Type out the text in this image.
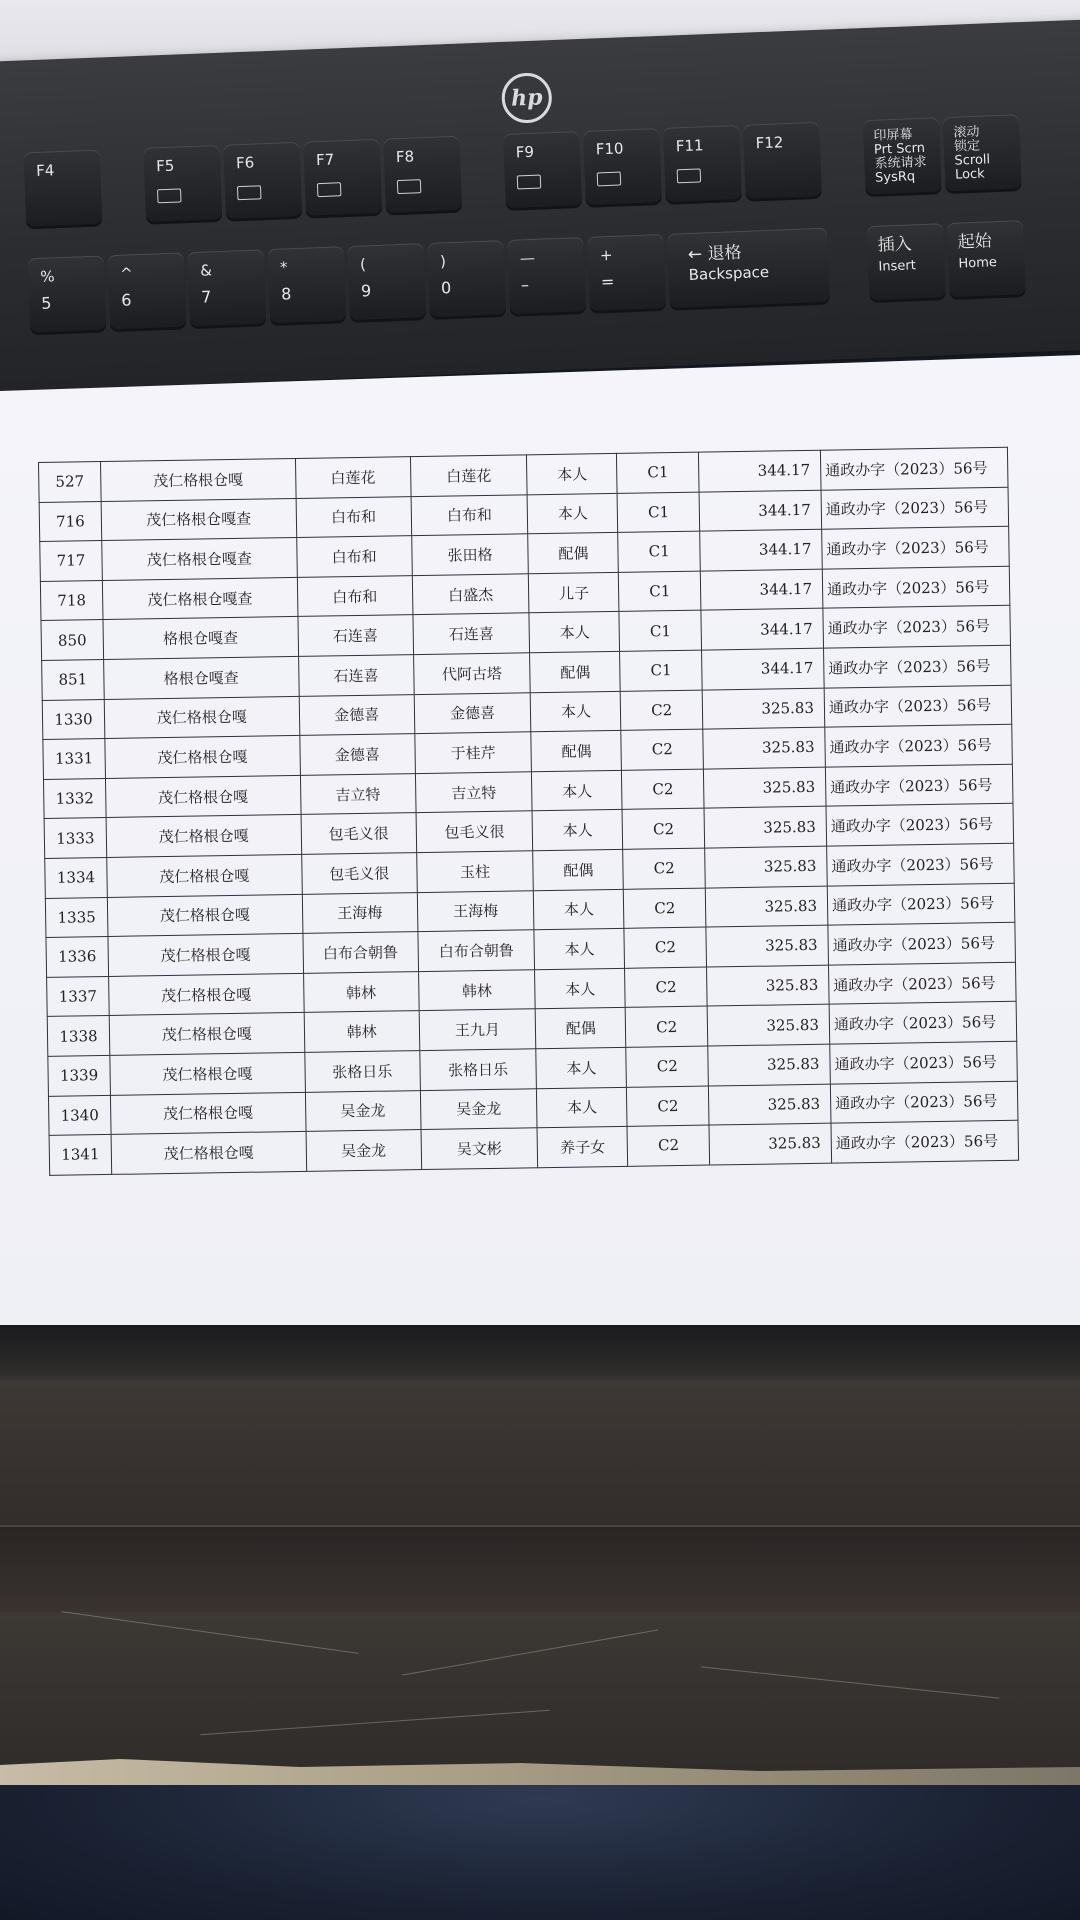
hp
F4	F5	F6	F7	F8	F9	F10	F11	F12	印屏幕
Prt Scrn
系统请求
SysRq
滚动
锁定
Scroll
Lock
%
5
^
6
&
7
*
8
(
9
)
0
—
–
+
=
← 退格
Backspace
插入
Insert
起始
Home
527	茂仁格根仓嘎	白莲花	白莲花	本人	C1	344.17	通政办字（2023）56号
716	茂仁格根仓嘎查	白布和	白布和	本人	C1	344.17	通政办字（2023）56号
717	茂仁格根仓嘎查	白布和	张田格	配偶	C1	344.17	通政办字（2023）56号
718	茂仁格根仓嘎查	白布和	白盛杰	儿子	C1	344.17	通政办字（2023）56号
850	格根仓嘎查	石连喜	石连喜	本人	C1	344.17	通政办字（2023）56号
851	格根仓嘎查	石连喜	代阿古塔	配偶	C1	344.17	通政办字（2023）56号
1330	茂仁格根仓嘎	金德喜	金德喜	本人	C2	325.83	通政办字（2023）56号
1331	茂仁格根仓嘎	金德喜	于桂芹	配偶	C2	325.83	通政办字（2023）56号
1332	茂仁格根仓嘎	吉立特	吉立特	本人	C2	325.83	通政办字（2023）56号
1333	茂仁格根仓嘎	包毛义很	包毛义很	本人	C2	325.83	通政办字（2023）56号
1334	茂仁格根仓嘎	包毛义很	玉柱	配偶	C2	325.83	通政办字（2023）56号
1335	茂仁格根仓嘎	王海梅	王海梅	本人	C2	325.83	通政办字（2023）56号
1336	茂仁格根仓嘎	白布合朝鲁	白布合朝鲁	本人	C2	325.83	通政办字（2023）56号
1337	茂仁格根仓嘎	韩林	韩林	本人	C2	325.83	通政办字（2023）56号
1338	茂仁格根仓嘎	韩林	王九月	配偶	C2	325.83	通政办字（2023）56号
1339	茂仁格根仓嘎	张格日乐	张格日乐	本人	C2	325.83	通政办字（2023）56号
1340	茂仁格根仓嘎	吴金龙	吴金龙	本人	C2	325.83	通政办字（2023）56号
1341	茂仁格根仓嘎	吴金龙	吴文彬	养子女	C2	325.83	通政办字（2023）56号
